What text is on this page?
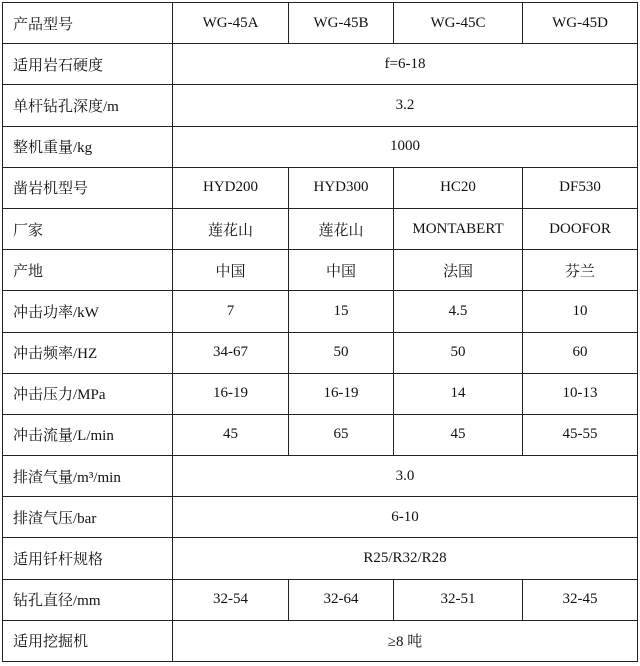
产品型号	WG-45A	WG-45B	WG-45C	WG-45D
适用岩石硬度	f=6-18			
单杆钻孔深度/m	3.2			
整机重量/kg	1000			
凿岩机型号	HYD200	HYD300	HC20	DF530
厂家	莲花山	莲花山	MONTABERT	DOOFOR
产地	中国	中国	法国	芬兰
冲击功率/kW	7	15	4.5	10
冲击频率/HZ	34-67	50	50	60
冲击压力/MPa	16-19	16-19	14	10-13
冲击流量/L/min	45	65	45	45-55
排渣气量/m³/min	3.0			
排渣气压/bar	6-10			
适用钎杆规格	R25/R32/R28			
钻孔直径/mm	32-54	32-64	32-51	32-45
适用挖掘机	≥8 吨			
